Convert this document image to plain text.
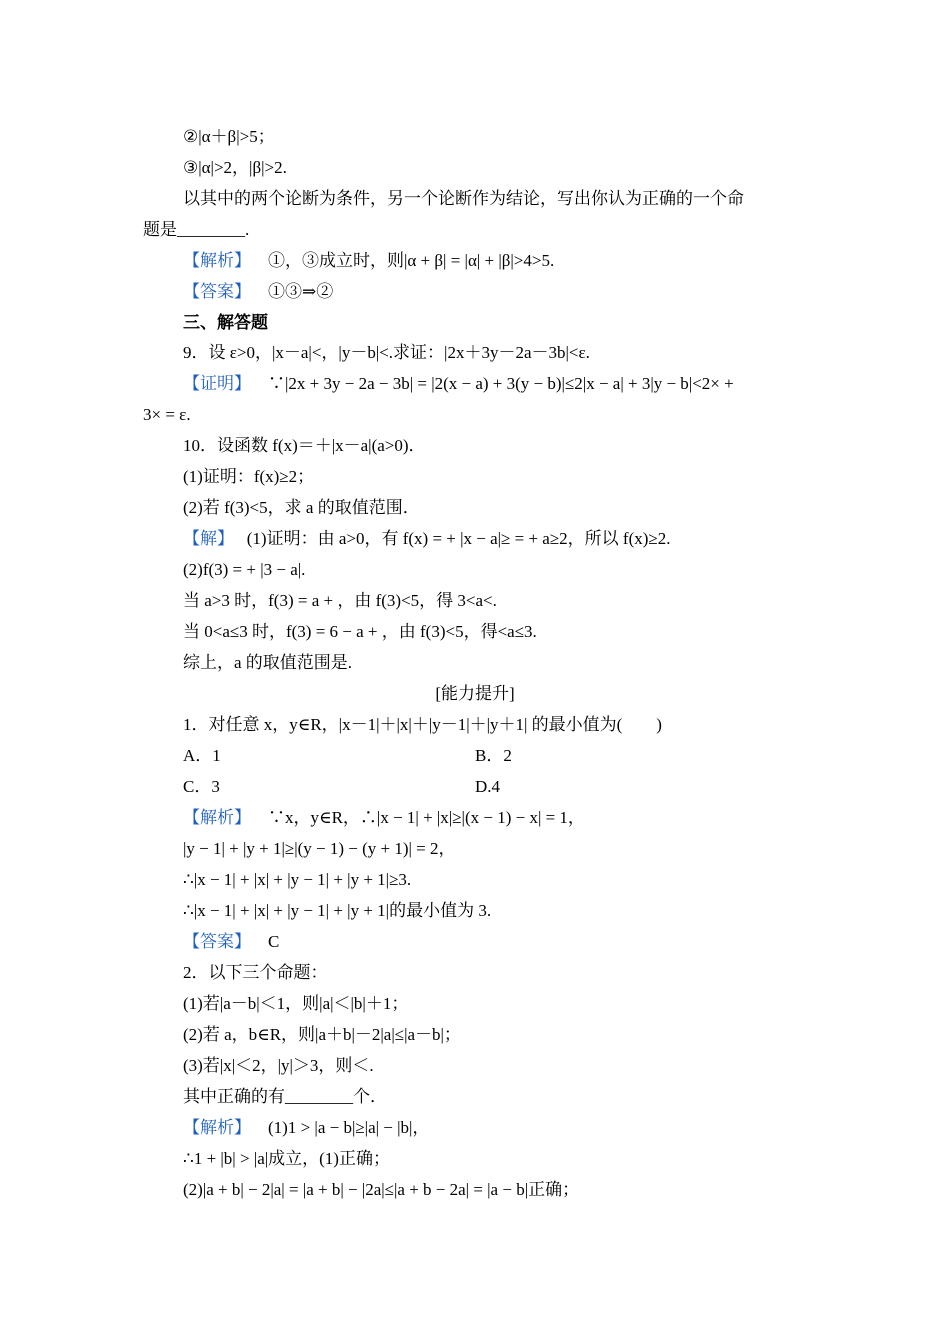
②|α＋β|>5；
③|α|>2，|β|>2.
以其中的两个论断为条件，另一个论断作为结论，写出你认为正确的一个命
题是________.
【解析】 ①，③成立时，则|α + β| = |α| + |β|>4>5.
【答案】 ①③⇒②
三、解答题
9．设 ε>0，|x－a|<，|y－b|<.求证：|2x＋3y－2a－3b|<ε.
【证明】 ∵|2x + 3y − 2a − 3b| = |2(x − a) + 3(y − b)|≤2|x − a| + 3|y − b|<2× +
3× = ε.
10．设函数 f(x)＝＋|x－a|(a>0)．
(1)证明：f(x)≥2；
(2)若 f(3)<5，求 a 的取值范围．
【解】 (1)证明：由 a>0，有 f(x) = + |x − a|≥ = + a≥2，所以 f(x)≥2.
(2)f(3) = + |3 − a|.
当 a>3 时，f(3) = a + ，由 f(3)<5，得 3<a<.
当 0<a≤3 时，f(3) = 6 − a + ，由 f(3)<5，得<a≤3.
综上，a 的取值范围是.
[能力提升]
1．对任意 x，y∈R，|x－1|＋|x|＋|y－1|＋|y＋1| 的最小值为(　　)
A．1	B．2
C．3	D.4
【解析】 ∵x，y∈R，∴|x − 1| + |x|≥|(x − 1) − x| = 1，
|y − 1| + |y + 1|≥|(y − 1) − (y + 1)| = 2，
∴|x − 1| + |x| + |y − 1| + |y + 1|≥3.
∴|x − 1| + |x| + |y − 1| + |y + 1|的最小值为 3.
【答案】 C
2．以下三个命题：
(1)若|a－b|＜1，则|a|＜|b|＋1；
(2)若 a，b∈R，则|a＋b|－2|a|≤|a－b|；
(3)若|x|＜2，|y|＞3，则＜.
其中正确的有________个．
【解析】 (1)1 > |a − b|≥|a| − |b|，
∴1 + |b| > |a|成立，(1)正确；
(2)|a + b| − 2|a| = |a + b| − |2a|≤|a + b − 2a| = |a − b|正确；
